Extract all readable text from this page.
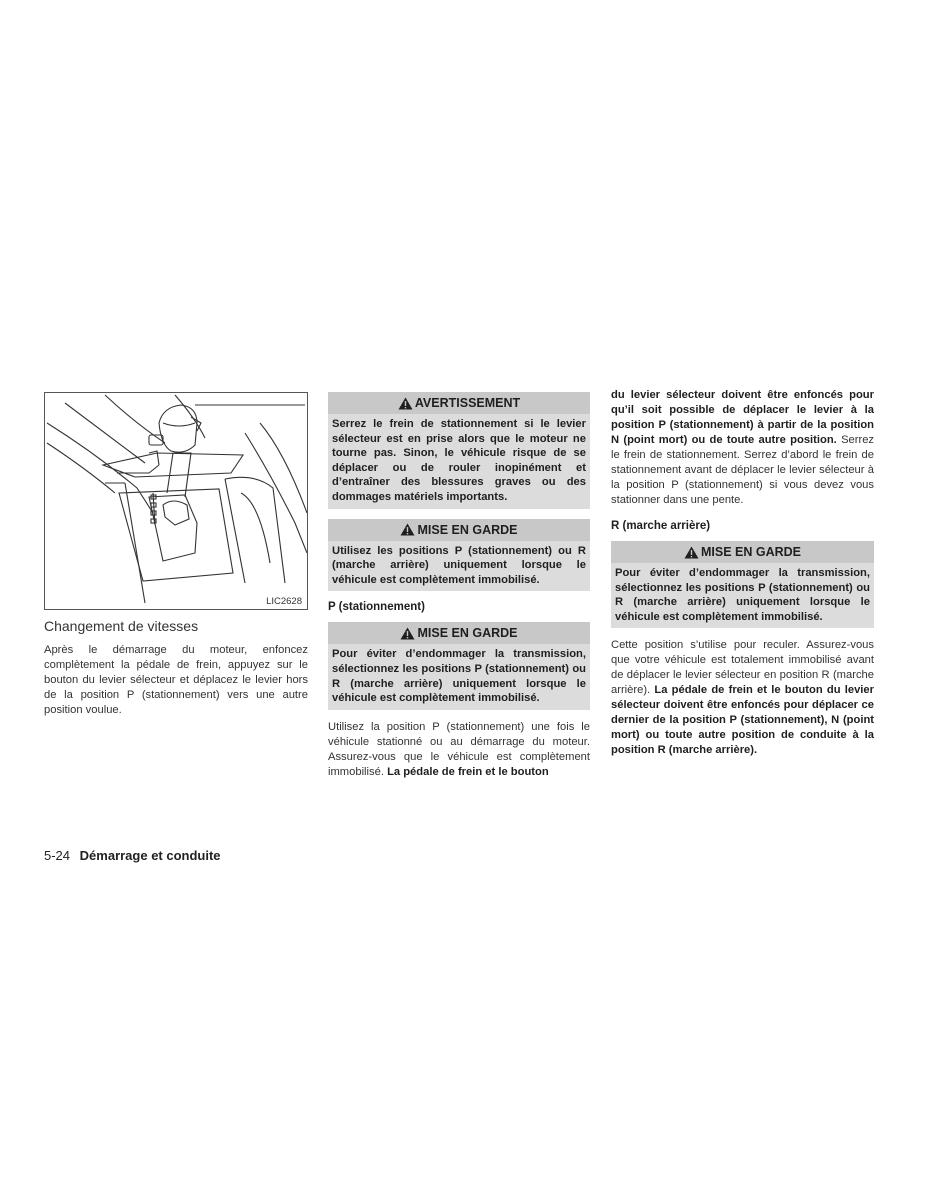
LIC2628
Changement de vitesses

Après le démarrage du moteur, enfoncez complètement la pédale de frein, appuyez sur le bouton du levier sélecteur et déplacez le levier hors de la position P (stationnement) vers une autre position voulue.

AVERTISSEMENT
Serrez le frein de stationnement si le levier sélecteur est en prise alors que le moteur ne tourne pas. Sinon, le véhicule risque de se déplacer ou de rouler inopinément et d’entraîner des blessures graves ou des dommages matériels importants.
MISE EN GARDE
Utilisez les positions P (stationnement) ou R (marche arrière) uniquement lorsque le véhicule est complètement immobilisé.
P (stationnement)
MISE EN GARDE
Pour éviter d’endommager la transmission, sélectionnez les positions P (stationnement) ou R (marche arrière) uniquement lorsque le véhicule est complètement immobilisé.

Utilisez la position P (stationnement) une fois le véhicule stationné ou au démarrage du moteur. Assurez-vous que le véhicule est complètement immobilisé. La pédale de frein et le bouton

du levier sélecteur doivent être enfoncés pour qu’il soit possible de déplacer le levier à la position P (stationnement) à partir de la position N (point mort) ou de toute autre position. Serrez le frein de stationnement. Serrez d’abord le frein de stationnement avant de déplacer le levier sélecteur à la position P (stationnement) si vous devez vous stationner dans une pente.

R (marche arrière)
MISE EN GARDE
Pour éviter d’endommager la transmission, sélectionnez les positions P (stationnement) ou R (marche arrière) uniquement lorsque le véhicule est complètement immobilisé.

Cette position s’utilise pour reculer. Assurez-vous que votre véhicule est totalement immobilisé avant de déplacer le levier sélecteur en position R (marche arrière). La pédale de frein et le bouton du levier sélecteur doivent être enfoncés pour déplacer ce dernier de la position P (stationnement), N (point mort) ou toute autre position de conduite à la position R (marche arrière).

5-24 Démarrage et conduite
